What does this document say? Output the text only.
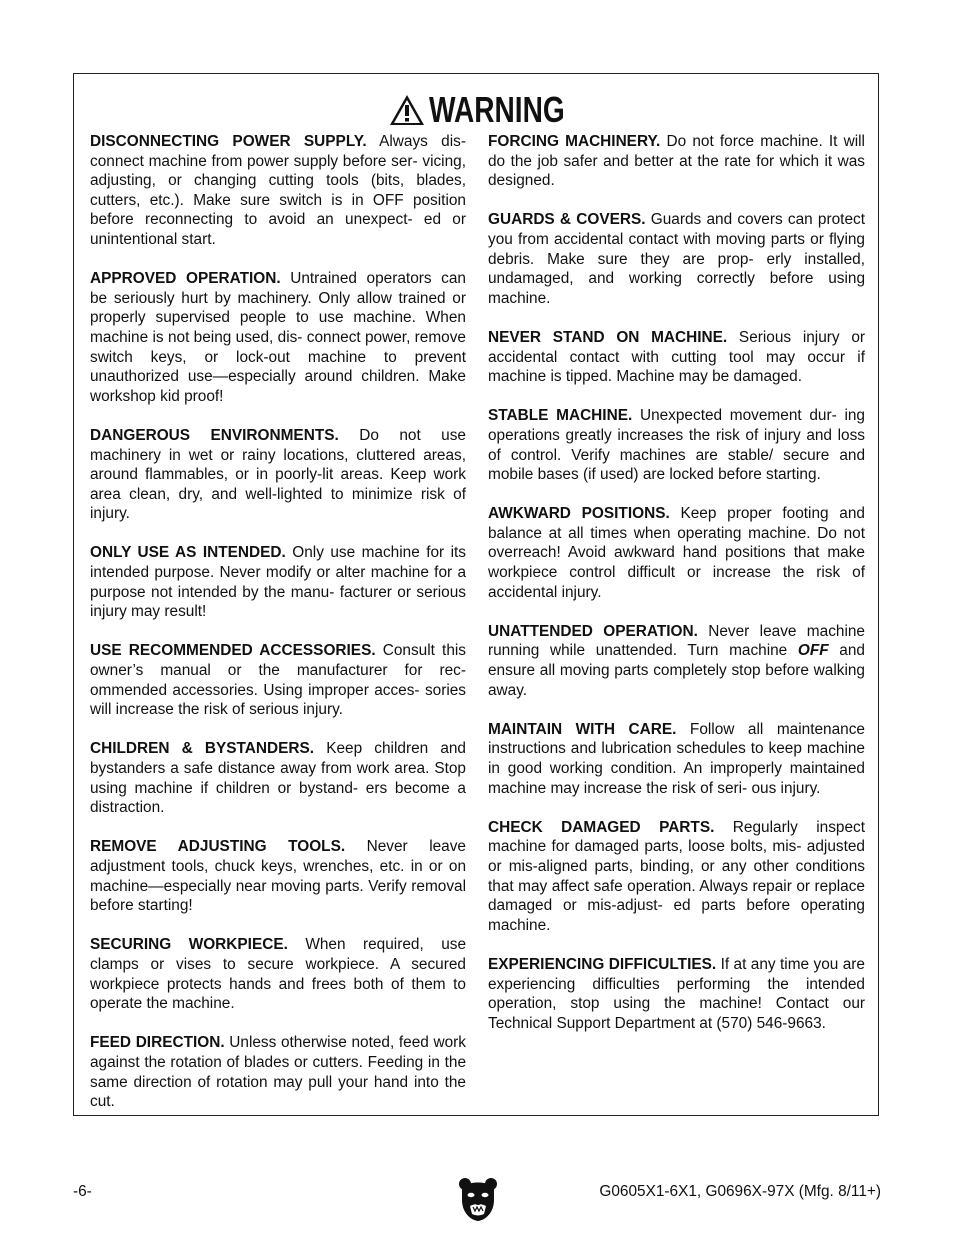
WARNING

DISCONNECTING POWER SUPPLY. Always dis- connect machine from power supply before ser- vicing, adjusting, or changing cutting tools (bits, blades, cutters, etc.). Make sure switch is in OFF position before reconnecting to avoid an unexpect- ed or unintentional start.

APPROVED OPERATION. Untrained operators can be seriously hurt by machinery. Only allow trained or properly supervised people to use machine. When machine is not being used, dis- connect power, remove switch keys, or lock-out machine to prevent unauthorized use—especially around children. Make workshop kid proof!

DANGEROUS ENVIRONMENTS. Do not use machinery in wet or rainy locations, cluttered areas, around flammables, or in poorly-lit areas. Keep work area clean, dry, and well-lighted to minimize risk of injury.

ONLY USE AS INTENDED. Only use machine for its intended purpose. Never modify or alter machine for a purpose not intended by the manu- facturer or serious injury may result!

USE RECOMMENDED ACCESSORIES. Consult this owner’s manual or the manufacturer for rec- ommended accessories. Using improper acces- sories will increase the risk of serious injury.

CHILDREN & BYSTANDERS. Keep children and bystanders a safe distance away from work area. Stop using machine if children or bystand- ers become a distraction.

REMOVE ADJUSTING TOOLS. Never leave adjustment tools, chuck keys, wrenches, etc. in or on machine—especially near moving parts. Verify removal before starting!

SECURING WORKPIECE. When required, use clamps or vises to secure workpiece. A secured workpiece protects hands and frees both of them to operate the machine.

FEED DIRECTION. Unless otherwise noted, feed work against the rotation of blades or cutters. Feeding in the same direction of rotation may pull your hand into the cut.

FORCING MACHINERY. Do not force machine. It will do the job safer and better at the rate for which it was designed.

GUARDS & COVERS. Guards and covers can protect you from accidental contact with moving parts or flying debris. Make sure they are prop- erly installed, undamaged, and working correctly before using machine.

NEVER STAND ON MACHINE. Serious injury or accidental contact with cutting tool may occur if machine is tipped. Machine may be damaged.

STABLE MACHINE. Unexpected movement dur- ing operations greatly increases the risk of injury and loss of control. Verify machines are stable/ secure and mobile bases (if used) are locked before starting.

AWKWARD POSITIONS. Keep proper footing and balance at all times when operating machine. Do not overreach! Avoid awkward hand positions that make workpiece control difficult or increase the risk of accidental injury.

UNATTENDED OPERATION. Never leave machine running while unattended. Turn machine OFF and ensure all moving parts completely stop before walking away.

MAINTAIN WITH CARE. Follow all maintenance instructions and lubrication schedules to keep machine in good working condition. An improperly maintained machine may increase the risk of seri- ous injury.

CHECK DAMAGED PARTS. Regularly inspect machine for damaged parts, loose bolts, mis- adjusted or mis-aligned parts, binding, or any other conditions that may affect safe operation. Always repair or replace damaged or mis-adjust- ed parts before operating machine.

EXPERIENCING DIFFICULTIES. If at any time you are experiencing difficulties performing the intended operation, stop using the machine! Contact our Technical Support Department at (570) 546-9663.

-6-	G0605X1-6X1, G0696X-97X (Mfg. 8/11+)
